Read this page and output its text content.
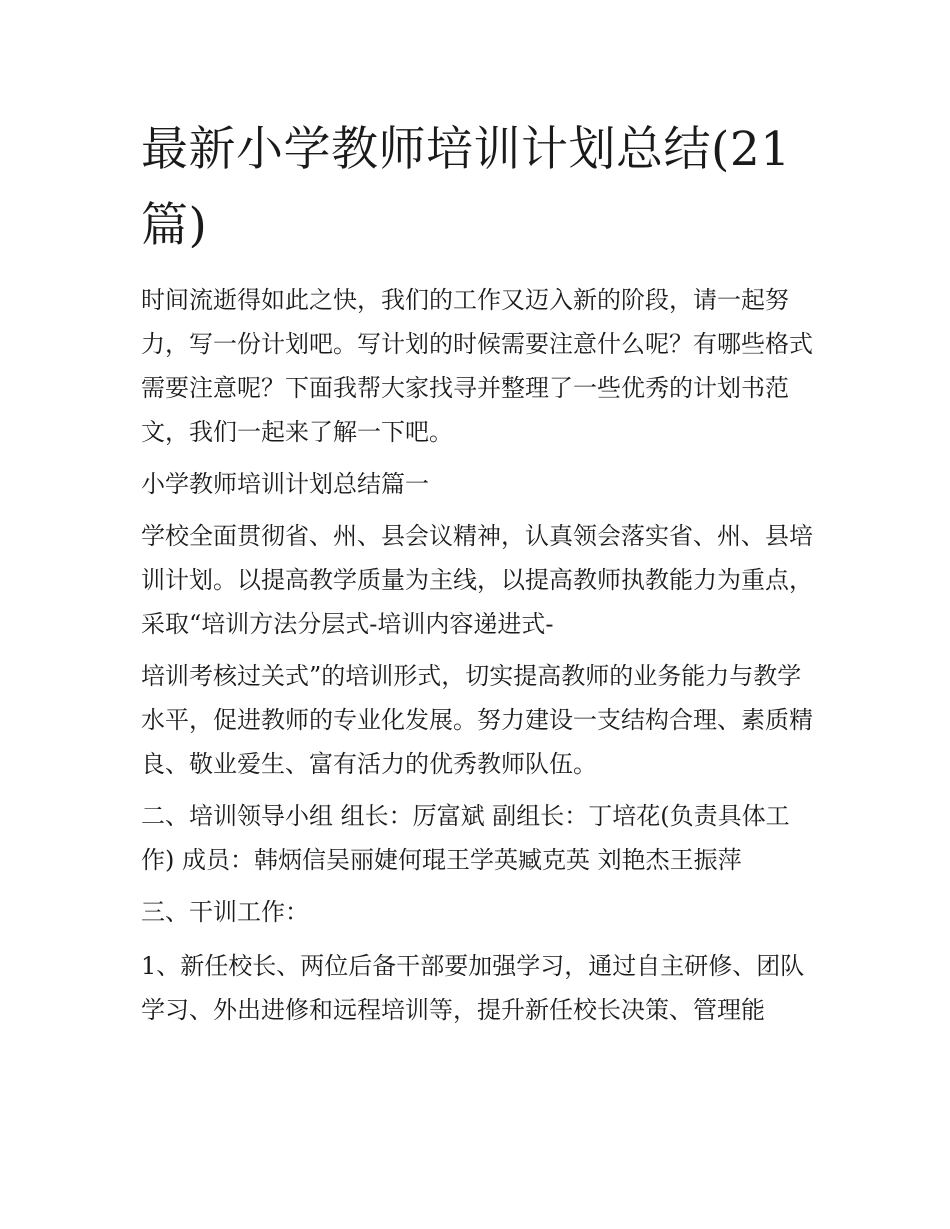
最新小学教师培训计划总结(21篇)

时间流逝得如此之快，我们的工作又迈入新的阶段，请一起努力，写一份计划吧。写计划的时候需要注意什么呢？有哪些格式需要注意呢？下面我帮大家找寻并整理了一些优秀的计划书范文，我们一起来了解一下吧。

小学教师培训计划总结篇一

学校全面贯彻省、州、县会议精神，认真领会落实省、州、县培训计划。以提高教学质量为主线，以提高教师执教能力为重点，采取“培训方法分层式-培训内容递进式-

培训考核过关式”的培训形式，切实提高教师的业务能力与教学水平，促进教师的专业化发展。努力建设一支结构合理、素质精良、敬业爱生、富有活力的优秀教师队伍。

二、培训领导小组 组长：厉富斌 副组长：丁培花(负责具体工作) 成员：韩炳信吴丽婕何琨王学英臧克英 刘艳杰王振萍

三、干训工作：

1、新任校长、两位后备干部要加强学习，通过自主研修、团队学习、外出进修和远程培训等，提升新任校长决策、管理能
